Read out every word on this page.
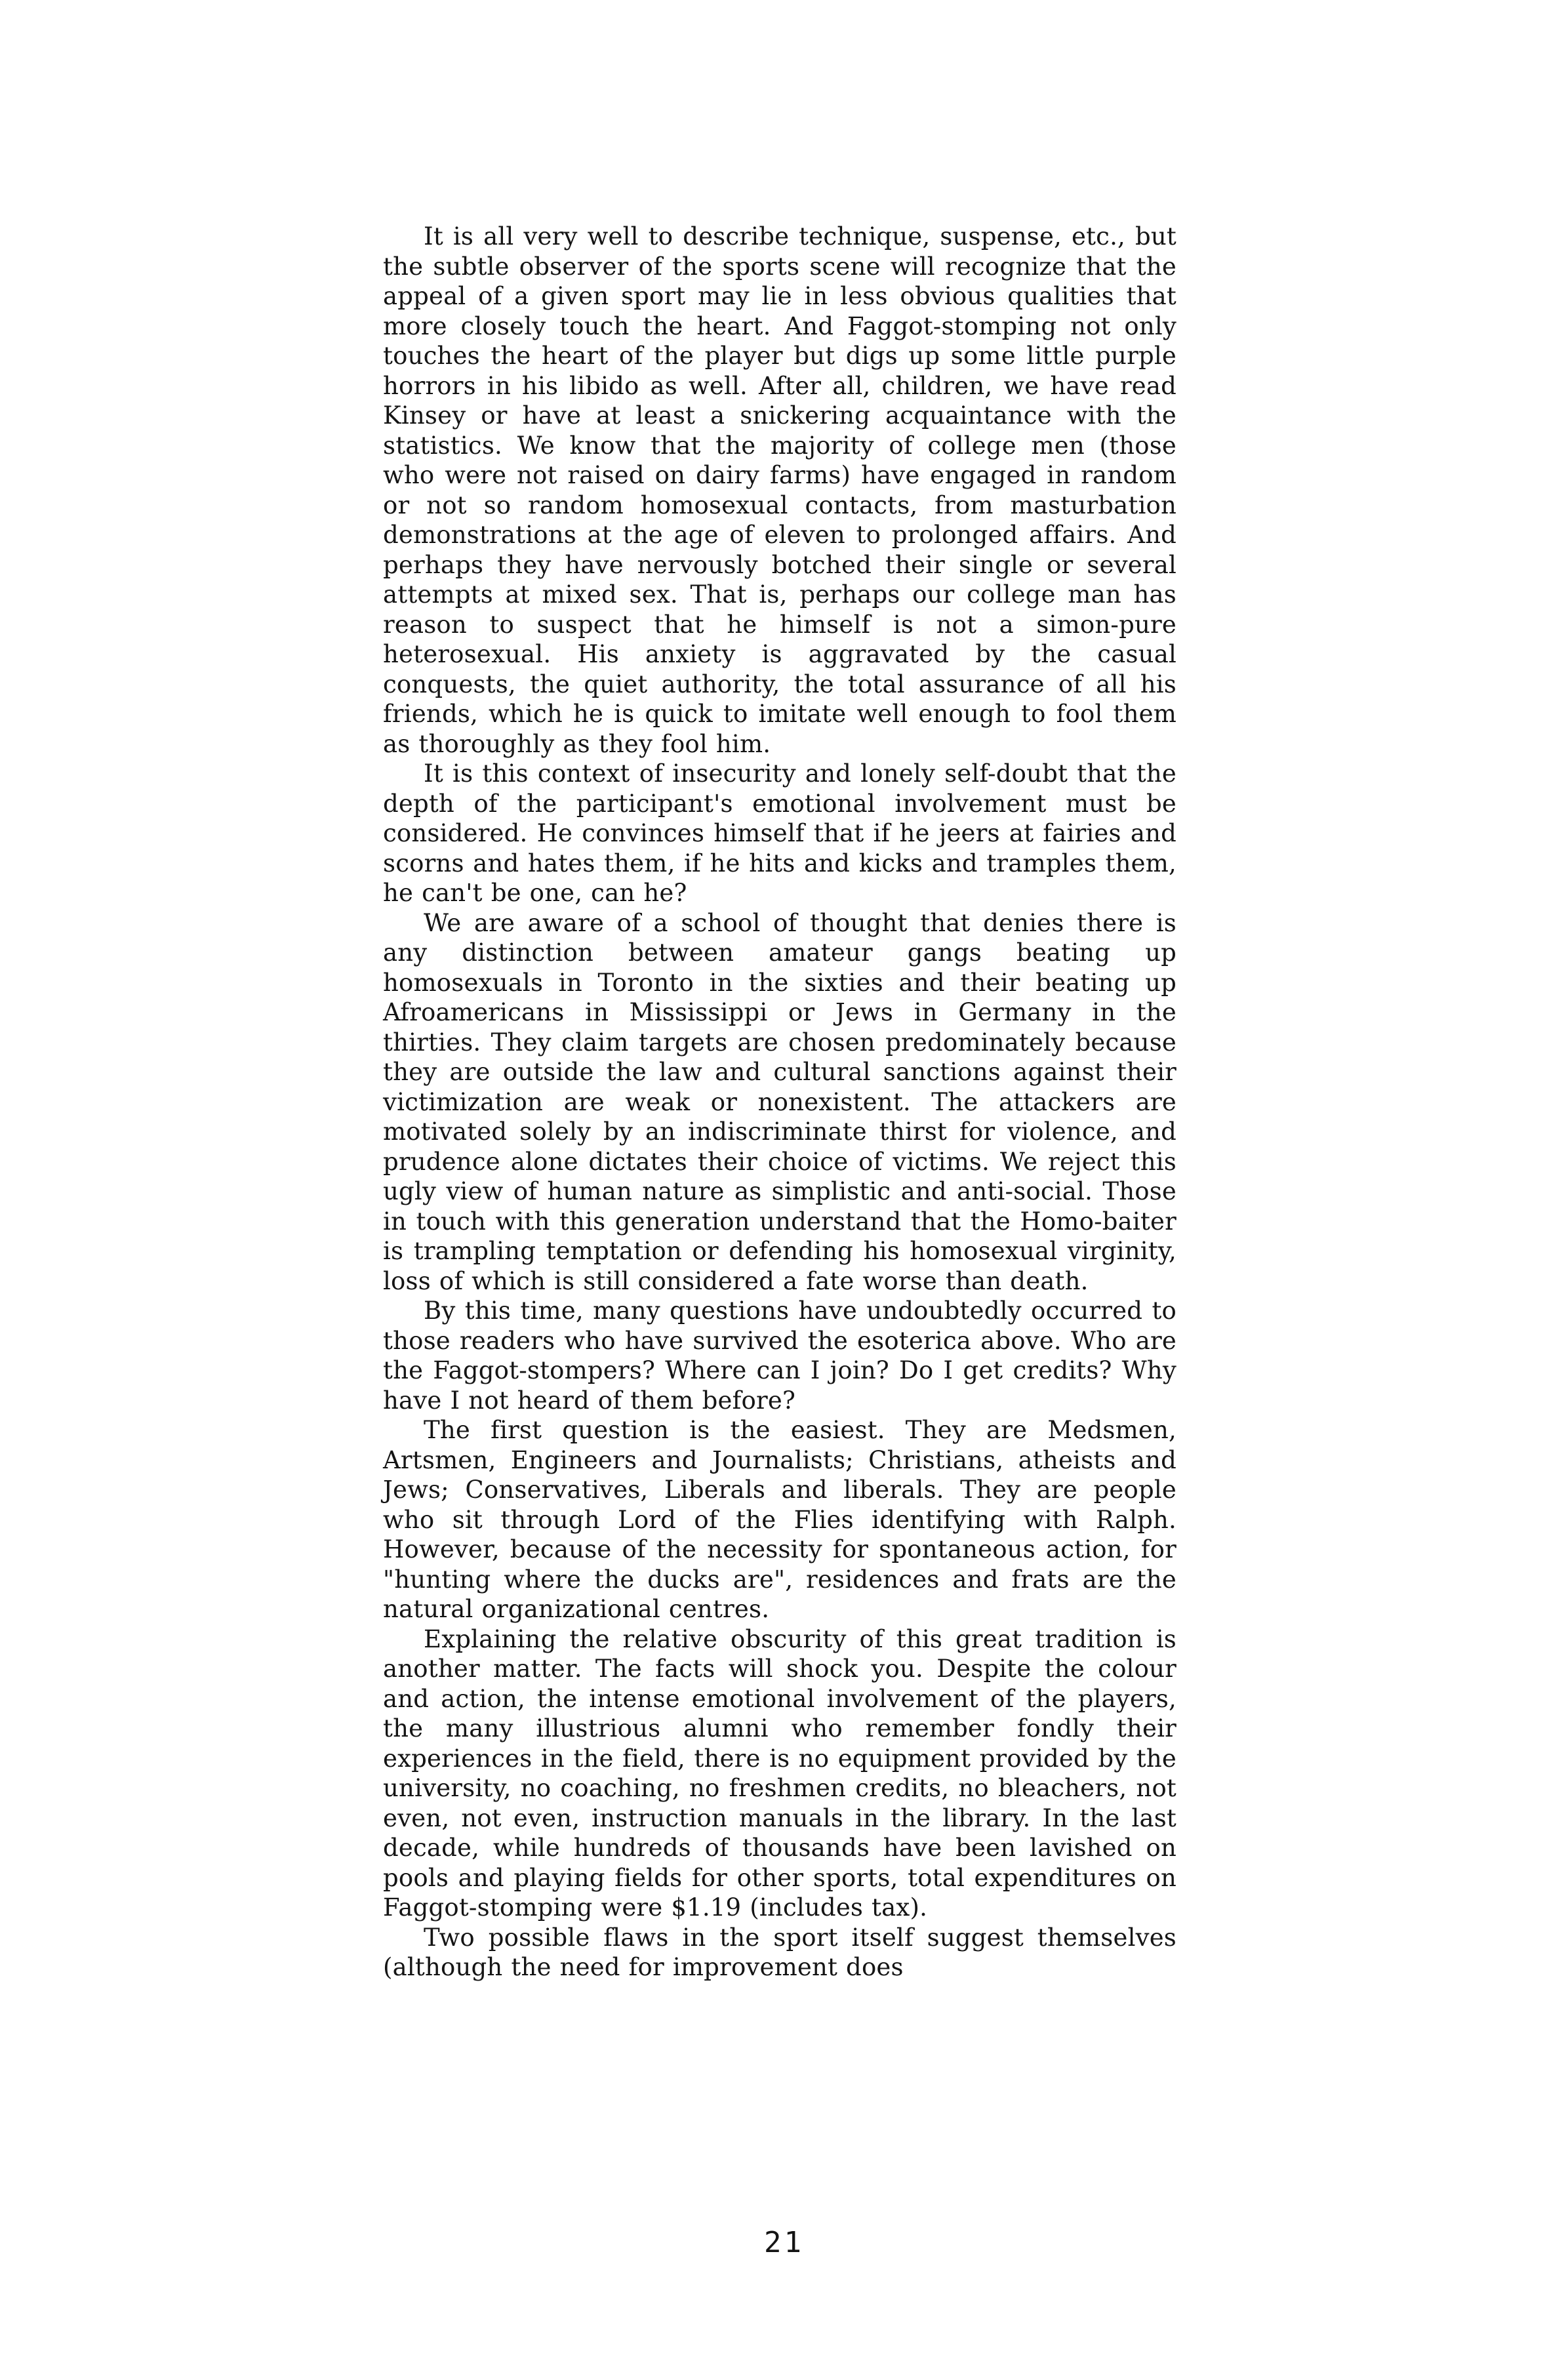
It is all very well to describe technique, suspense, etc., but the subtle observer of the sports scene will recognize that the appeal of a given sport may lie in less obvious qualities that more closely touch the heart. And Faggot-stomping not only touches the heart of the player but digs up some little purple horrors in his libido as well. After all, children, we have read Kinsey or have at least a snickering acquaintance with the statistics. We know that the majority of college men (those who were not raised on dairy farms) have engaged in random or not so random homosexual contacts, from masturbation demonstrations at the age of eleven to prolonged affairs. And perhaps they have nervously botched their single or several attempts at mixed sex. That is, perhaps our college man has reason to suspect that he himself is not a simon-pure heterosexual. His anxiety is aggravated by the casual conquests, the quiet authority, the total assurance of all his friends, which he is quick to imitate well enough to fool them as thoroughly as they fool him.

It is this context of insecurity and lonely self-doubt that the depth of the participant's emotional involvement must be considered. He convinces himself that if he jeers at fairies and scorns and hates them, if he hits and kicks and tramples them, he can't be one, can he?

We are aware of a school of thought that denies there is any distinction between amateur gangs beating up homosexuals in Toronto in the sixties and their beating up Afroamericans in Mississippi or Jews in Germany in the thirties. They claim targets are chosen predominately because they are outside the law and cultural sanctions against their victimization are weak or nonexistent. The attackers are motivated solely by an indiscriminate thirst for violence, and prudence alone dictates their choice of victims. We reject this ugly view of human nature as simplistic and anti-social. Those in touch with this generation understand that the Homo-baiter is trampling temptation or defending his homosexual virginity, loss of which is still considered a fate worse than death.

By this time, many questions have undoubtedly occurred to those readers who have survived the esoterica above. Who are the Faggot-stompers? Where can I join? Do I get credits? Why have I not heard of them before?

The first question is the easiest. They are Medsmen, Artsmen, Engineers and Journalists; Christians, atheists and Jews; Conservatives, Liberals and liberals. They are people who sit through Lord of the Flies identifying with Ralph. However, because of the necessity for spontaneous action, for "hunting where the ducks are", residences and frats are the natural organizational centres.

Explaining the relative obscurity of this great tradition is another matter. The facts will shock you. Despite the colour and action, the intense emotional involvement of the players, the many illustrious alumni who remember fondly their experiences in the field, there is no equipment provided by the university, no coaching, no freshmen credits, no bleachers, not even, not even, instruction manuals in the library. In the last decade, while hundreds of thousands have been lavished on pools and playing fields for other sports, total expenditures on Faggot-stomping were $1.19 (includes tax).

Two possible flaws in the sport itself suggest themselves (although the need for improvement does

21
